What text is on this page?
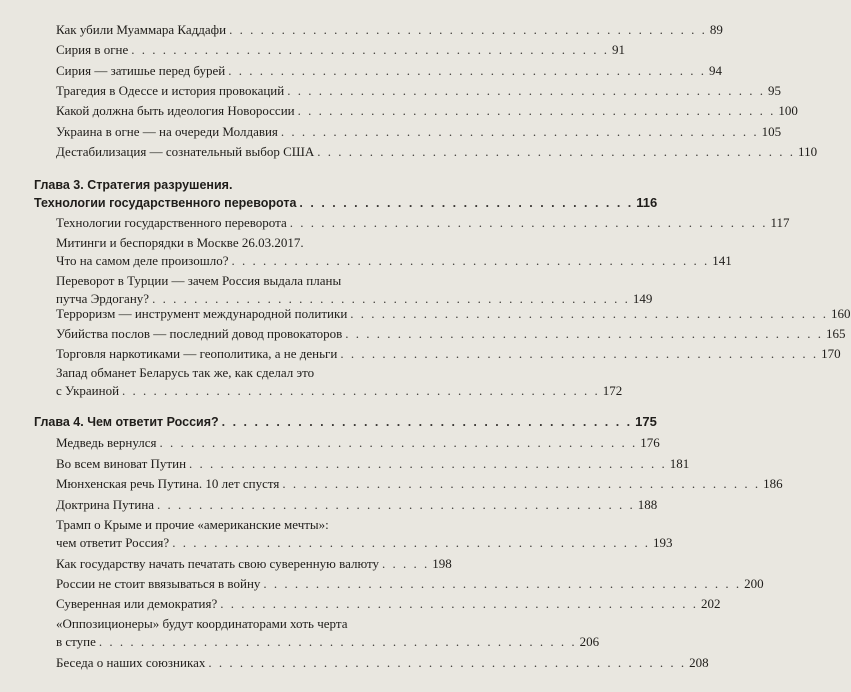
Как убили Муаммара Каддафи . . . . . . . . . . . . . . . . . . . . . . . . . . . . . . . . . . . . . . . . . . . . . . 89
Сирия в огне . . . . . . . . . . . . . . . . . . . . . . . . . . . . . . . . . . . . . . . . . . . . . . 91
Сирия — затишье перед бурей . . . . . . . . . . . . . . . . . . . . . . . . . . . . . . . . . . . . . . . . . . . . . . 94
Трагедия в Одессе и история провокаций . . . . . . . . . . . . . . . . . . . . . . . . . . . . . . . . . . . . . . . . . . . . . . 95
Какой должна быть идеология Новороссии . . . . . . . . . . . . . . . . . . . . . . . . . . . . . . . . . . . . . . . . . . . . . . 100
Украина в огне — на очереди Молдавия . . . . . . . . . . . . . . . . . . . . . . . . . . . . . . . . . . . . . . . . . . . . . . 105
Дестабилизация — сознательный выбор США . . . . . . . . . . . . . . . . . . . . . . . . . . . . . . . . . . . . . . . . . . . . . . 110
Глава 3. Стратегия разрушения.
Технологии государственного переворота . . . . . . . . . . . . . . . . . . . . . . . . . . . . . . . 116
Технологии государственного переворота . . . . . . . . . . . . . . . . . . . . . . . . . . . . . . . . . . . . . . . . . . . . . . 117
Митинги и беспорядки в Москве 26.03.2017.
Что на самом деле произошло? . . . . . . . . . . . . . . . . . . . . . . . . . . . . . . . . . . . . . . . . . . . . . . 141
Переворот в Турции — зачем Россия выдала планы
путча Эрдогану? . . . . . . . . . . . . . . . . . . . . . . . . . . . . . . . . . . . . . . . . . . . . . . 149
Терроризм — инструмент международной политики . . . . . . . . . . . . . . . . . . . . . . . . . . . . . . . . . . . . . . . . . . . . . . 160
Убийства послов — последний довод провокаторов . . . . . . . . . . . . . . . . . . . . . . . . . . . . . . . . . . . . . . . . . . . . . . 165
Торговля наркотиками — геополитика, а не деньги . . . . . . . . . . . . . . . . . . . . . . . . . . . . . . . . . . . . . . . . . . . . . . 170
Запад обманет Беларусь так же, как сделал это
с Украиной . . . . . . . . . . . . . . . . . . . . . . . . . . . . . . . . . . . . . . . . . . . . . . 172
Глава 4. Чем ответит Россия? . . . . . . . . . . . . . . . . . . . . . . . . . . . . . . . . . . . . . . 175
Медведь вернулся . . . . . . . . . . . . . . . . . . . . . . . . . . . . . . . . . . . . . . . . . . . . . . 176
Во всем виноват Путин . . . . . . . . . . . . . . . . . . . . . . . . . . . . . . . . . . . . . . . . . . . . . . 181
Мюнхенская речь Путина. 10 лет спустя . . . . . . . . . . . . . . . . . . . . . . . . . . . . . . . . . . . . . . . . . . . . . . 186
Доктрина Путина . . . . . . . . . . . . . . . . . . . . . . . . . . . . . . . . . . . . . . . . . . . . . . 188
Трамп о Крыме и прочие «американские мечты»:
чем ответит Россия? . . . . . . . . . . . . . . . . . . . . . . . . . . . . . . . . . . . . . . . . . . . . . . 193
Как государству начать печатать свою суверенную валюту . . . . . 198
России не стоит ввязываться в войну . . . . . . . . . . . . . . . . . . . . . . . . . . . . . . . . . . . . . . . . . . . . . . 200
Суверенная или демократия? . . . . . . . . . . . . . . . . . . . . . . . . . . . . . . . . . . . . . . . . . . . . . . 202
«Оппозиционеры» будут координаторами хоть черта
в ступе . . . . . . . . . . . . . . . . . . . . . . . . . . . . . . . . . . . . . . . . . . . . . . 206
Беседа о наших союзниках . . . . . . . . . . . . . . . . . . . . . . . . . . . . . . . . . . . . . . . . . . . . . . 208
